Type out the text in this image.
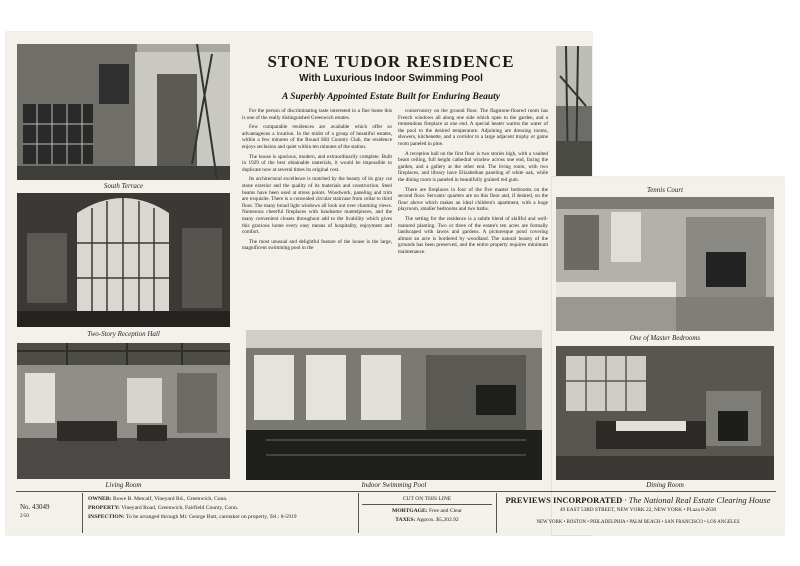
South Terrace
Two-Story Reception Hall
Living Room	Indoor Swimming Pool
Tennis Court
One of Master Bedrooms
Dining Room
STONE TUDOR RESIDENCE
With Luxurious Indoor Swimming Pool
A Superbly Appointed Estate Built for Enduring Beauty

For the person of discriminating taste interested in a fine home this is one of the really distinguished Greenwich estates.

Few comparable residences are available which offer so advantageous a location. In the midst of a group of beautiful estates, within a few minutes of the Round Hill Country Club, the residence enjoys seclusion and quiet within ten minutes of the station.

The house is spacious, modern, and extraordinarily complete. Built in 1929 of the best obtainable materials, it would be impossible to duplicate now at several times its original cost.

Its architectural excellence is matched by the beauty of its gray cut stone exterior and the quality of its materials and construction. Steel beams have been used at stress points. Woodwork, paneling and trim are exquisite. There is a concealed circular staircase from cellar to third floor. The many broad light windows all look out over charming views. Numerous cheerful fireplaces with handsome mantelpieces, and the many convenient closets throughout add to the livability which gives this gracious home every easy means of hospitality, enjoyment and comfort.

The most unusual and delightful feature of the house is the large, magnificent swimming pool in the

conservatory on the ground floor. The flagstone-floored room has French windows all along one side which open to the garden, and a tremendous fireplace at one end. A special heater warms the water of the pool to the desired temperature. Adjoining are dressing rooms, showers, kitchenette, and a corridor to a large adjacent trophy or game room paneled in pine.

A reception hall on the first floor is two stories high, with a vaulted beam ceiling, full height cathedral window across one end, facing the garden, and a gallery at the other end. The living room, with two fireplaces, and library have Elizabethan paneling of white oak, while the dining room is paneled in beautifully grained red gum.

There are fireplaces in four of the five master bedrooms on the second floor. Servants' quarters are on this floor and, if desired, on the floor above which makes an ideal children's apartment, with a huge playroom, smaller bedrooms and two baths.

The setting for the residence is a subtle blend of skillful and well-matured planting. Two or three of the estate's ten acres are formally landscaped with lawns and gardens. A picturesque pond covering almost an acre is bordered by woodland. The natural beauty of the grounds has been preserved, and the entire property requires minimum maintenance.

No. 43049
2/50
OWNER: Rowe B. Metcalf, Vineyard Rd., Greenwich, Conn.
PROPERTY: Vineyard Road, Greenwich, Fairfield County, Conn.
INSPECTION: To be arranged through Mr. George Butt, caretaker on property, Tel.: 8-5919
CUT ON THIS LINE
MORTGAGE: Free and Clear
TAXES: Approx. $5,202.92
PREVIEWS INCORPORATED · The National Real Estate Clearing House
49 EAST 53RD STREET, NEW YORK 22, NEW YORK • PLaza 8-2630
NEW YORK • BOSTON • PHILADELPHIA • PALM BEACH • SAN FRANCISCO • LOS ANGELES
